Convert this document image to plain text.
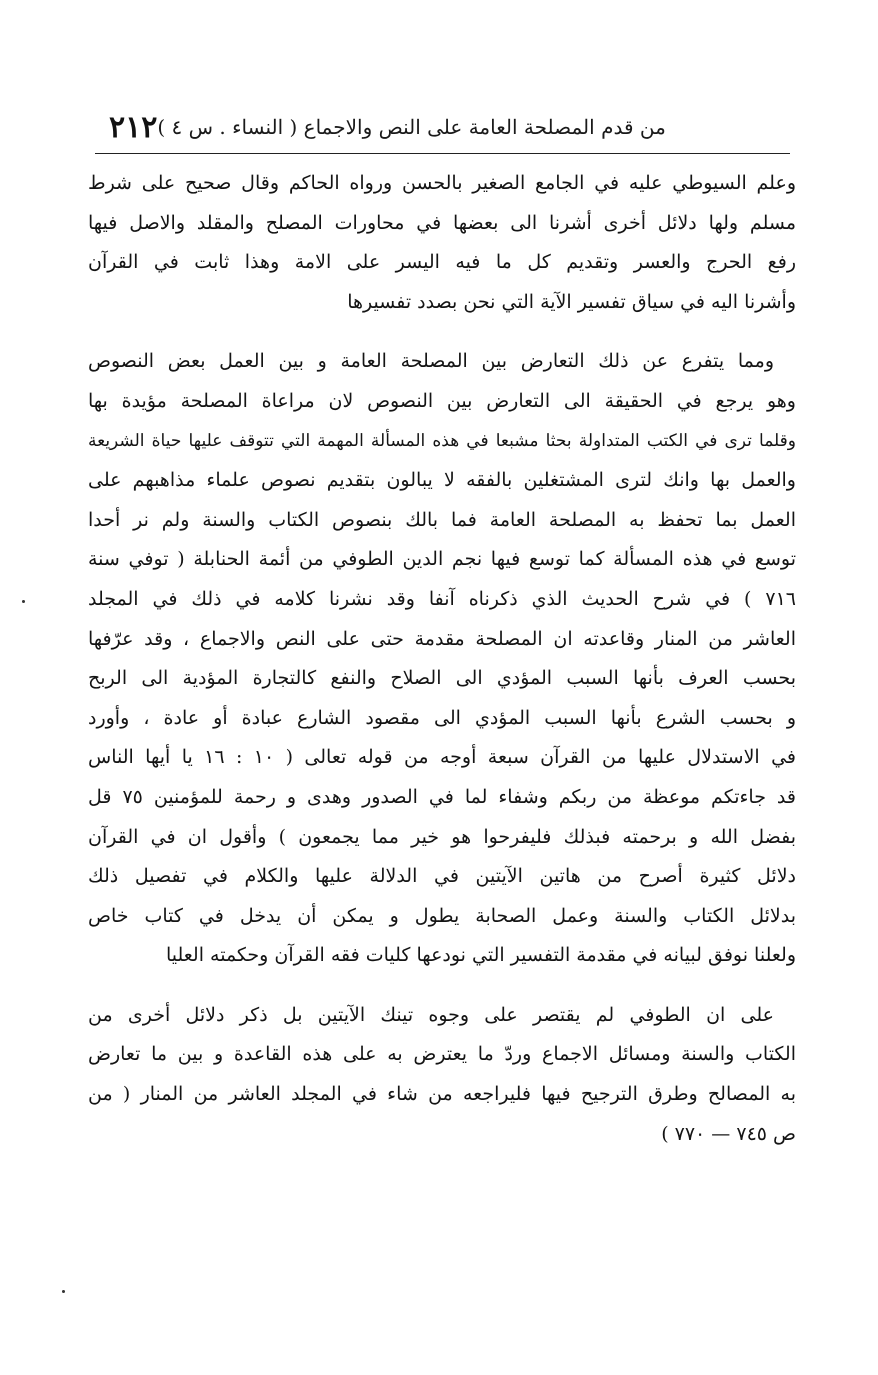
٢١٢ من قدم المصلحة العامة على النص والاجماع ( النساء . س ٤ )
وعلم السيوطي عليه في الجامع الصغير بالحسن ورواه الحاكم وقال صحيح على شرط
مسلم ولها دلائل أخرى أشرنا الى بعضها في محاورات المصلح والمقلد والاصل فيها
رفع الحرج والعسر وتقديم كل ما فيه اليسر على الامة وهذا ثابت في القرآن
وأشرنا اليه في سياق تفسير الآية التي نحن بصدد تفسيرها
ومما يتفرع عن ذلك التعارض بين المصلحة العامة و بين العمل بعض النصوص
وهو يرجع في الحقيقة الى التعارض بين النصوص لان مراعاة المصلحة مؤيدة بها
وقلما ترى في الكتب المتداولة بحثا مشبعا في هذه المسألة المهمة التي تتوقف عليها حياة الشريعة
والعمل بها وانك لترى المشتغلين بالفقه لا يبالون بتقديم نصوص علماء مذاهبهم على
العمل بما تحفظ به المصلحة العامة فما بالك بنصوص الكتاب والسنة ولم نر أحدا
توسع في هذه المسألة كما توسع فيها نجم الدين الطوفي من أئمة الحنابلة ( توفي سنة
٧١٦ ) في شرح الحديث الذي ذكرناه آنفا وقد نشرنا كلامه في ذلك في المجلد
العاشر من المنار وقاعدته ان المصلحة مقدمة حتى على النص والاجماع ، وقد عرّفها
بحسب العرف بأنها السبب المؤدي الى الصلاح والنفع كالتجارة المؤدية الى الربح
و بحسب الشرع بأنها السبب المؤدي الى مقصود الشارع عبادة أو عادة ، وأورد
في الاستدلال عليها من القرآن سبعة أوجه من قوله تعالى ( ١٠ : ١٦ يا أيها الناس
قد جاءتكم موعظة من ربكم وشفاء لما في الصدور وهدى و رحمة للمؤمنين ٧٥ قل
بفضل الله و برحمته فبذلك فليفرحوا هو خير مما يجمعون ) وأقول ان في القرآن
دلائل كثيرة أصرح من هاتين الآيتين في الدلالة عليها والكلام في تفصيل ذلك
بدلائل الكتاب والسنة وعمل الصحابة يطول و يمكن أن يدخل في كتاب خاص
ولعلنا نوفق لبيانه في مقدمة التفسير التي نودعها كليات فقه القرآن وحكمته العليا
على ان الطوفي لم يقتصر على وجوه تينك الآيتين بل ذكر دلائل أخرى من
الكتاب والسنة ومسائل الاجماع وردّ ما يعترض به على هذه القاعدة و بين ما تعارض
به المصالح وطرق الترجيح فيها فليراجعه من شاء في المجلد العاشر من المنار ( من
ص ٧٤٥ — ٧٧٠ )
